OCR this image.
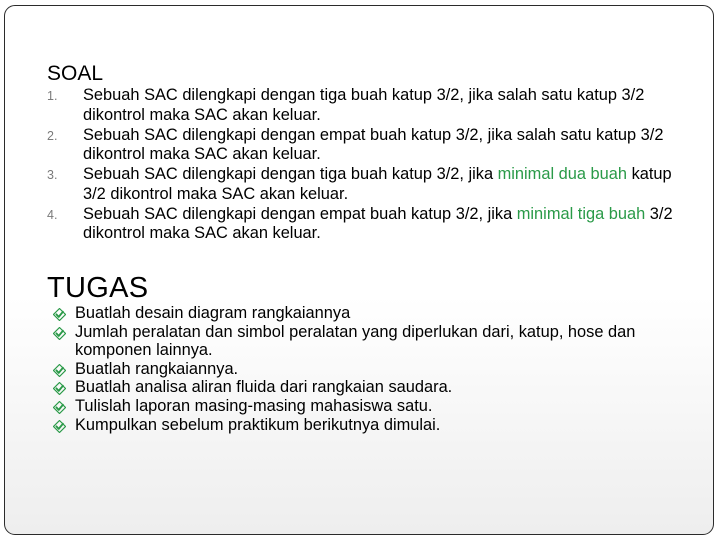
SOAL
1. Sebuah SAC dilengkapi dengan tiga buah katup 3/2, jika salah satu katup 3/2 dikontrol maka SAC akan keluar.
2. Sebuah SAC dilengkapi dengan empat buah katup 3/2, jika salah satu katup 3/2 dikontrol maka SAC akan keluar.
3. Sebuah SAC dilengkapi dengan tiga buah katup 3/2, jika minimal dua buah katup 3/2 dikontrol maka SAC akan keluar.
4. Sebuah SAC dilengkapi dengan empat buah katup 3/2, jika minimal tiga buah 3/2 dikontrol maka SAC akan keluar.
TUGAS
Buatlah desain diagram rangkaiannya
Jumlah peralatan dan simbol peralatan yang diperlukan dari, katup, hose dan komponen lainnya.
Buatlah rangkaiannya.
Buatlah analisa aliran fluida dari rangkaian saudara.
Tulislah laporan masing-masing mahasiswa satu.
Kumpulkan sebelum praktikum berikutnya dimulai.
